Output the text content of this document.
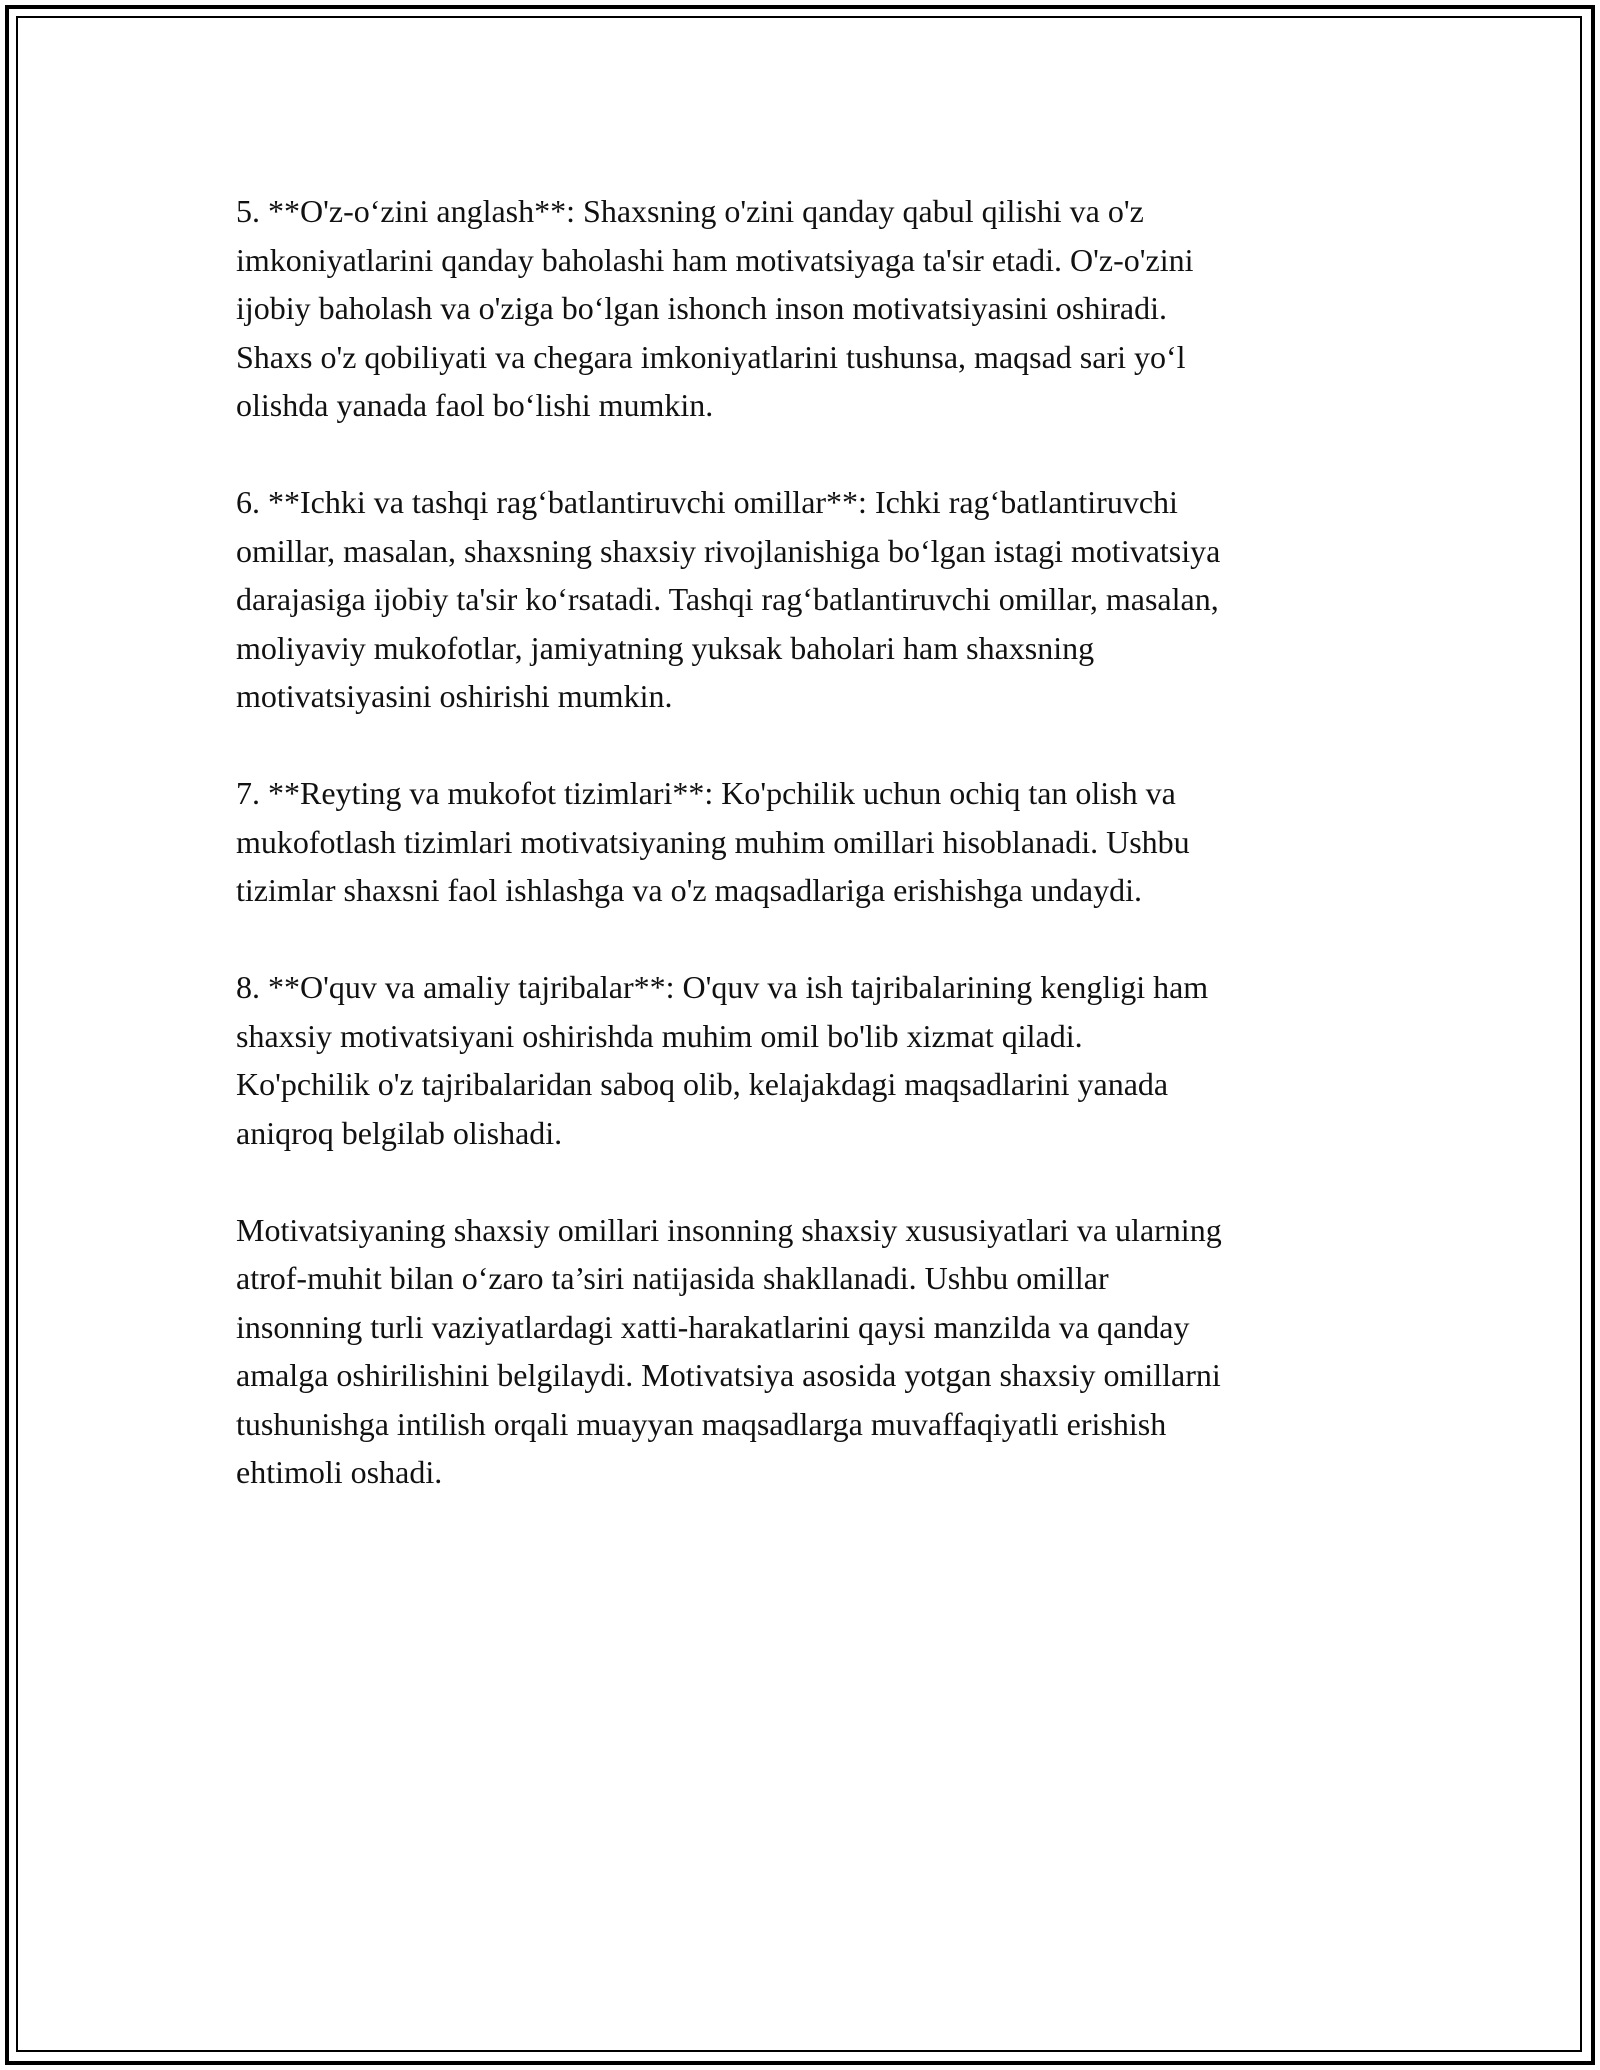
5. **O'z-o‘zini anglash**: Shaxsning o'zini qanday qabul qilishi va o'z
imkoniyatlarini qanday baholashi ham motivatsiyaga ta'sir etadi. O'z-o'zini
ijobiy baholash va o'ziga bo‘lgan ishonch inson motivatsiyasini oshiradi.
Shaxs o'z qobiliyati va chegara imkoniyatlarini tushunsa, maqsad sari yo‘l
olishda yanada faol bo‘lishi mumkin.

6. **Ichki va tashqi rag‘batlantiruvchi omillar**: Ichki rag‘batlantiruvchi
omillar, masalan, shaxsning shaxsiy rivojlanishiga bo‘lgan istagi motivatsiya
darajasiga ijobiy ta'sir ko‘rsatadi. Tashqi rag‘batlantiruvchi omillar, masalan,
moliyaviy mukofotlar, jamiyatning yuksak baholari ham shaxsning
motivatsiyasini oshirishi mumkin.

7. **Reyting va mukofot tizimlari**: Ko'pchilik uchun ochiq tan olish va
mukofotlash tizimlari motivatsiyaning muhim omillari hisoblanadi. Ushbu
tizimlar shaxsni faol ishlashga va o'z maqsadlariga erishishga undaydi.

8. **O'quv va amaliy tajribalar**: O'quv va ish tajribalarining kengligi ham
shaxsiy motivatsiyani oshirishda muhim omil bo'lib xizmat qiladi.
Ko'pchilik o'z tajribalaridan saboq olib, kelajakdagi maqsadlarini yanada
aniqroq belgilab olishadi.

Motivatsiyaning shaxsiy omillari insonning shaxsiy xususiyatlari va ularning
atrof-muhit bilan o‘zaro ta’siri natijasida shakllanadi. Ushbu omillar
insonning turli vaziyatlardagi xatti-harakatlarini qaysi manzilda va qanday
amalga oshirilishini belgilaydi. Motivatsiya asosida yotgan shaxsiy omillarni
tushunishga intilish orqali muayyan maqsadlarga muvaffaqiyatli erishish
ehtimoli oshadi.
